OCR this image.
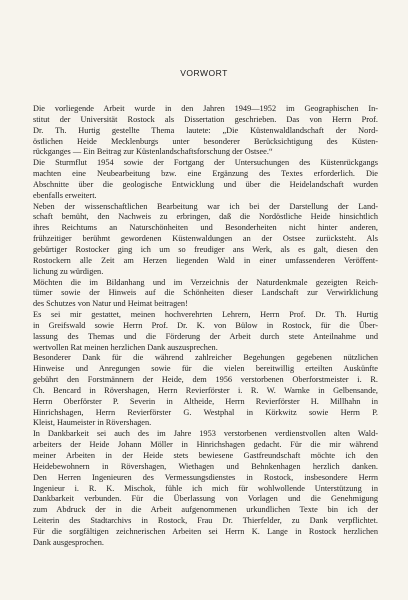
VORWORT
Die vorliegende Arbeit wurde in den Jahren 1949—1952 im Geographischen In-
stitut der Universität Rostock als Dissertation geschrieben. Das von Herrn Prof.
Dr. Th. Hurtig gestellte Thema lautete: „Die Küstenwaldlandschaft der Nord-
östlichen Heide Mecklenburgs unter besonderer Berücksichtigung des Küsten-
rückganges — Ein Beitrag zur Küstenlandschaftsforschung der Ostsee.“
Die Sturmflut 1954 sowie der Fortgang der Untersuchungen des Küstenrückgangs
machten eine Neubearbeitung bzw. eine Ergänzung des Textes erforderlich. Die
Abschnitte über die geologische Entwicklung und über die Heidelandschaft wurden
ebenfalls erweitert.
Neben der wissenschaftlichen Bearbeitung war ich bei der Darstellung der Land-
schaft bemüht, den Nachweis zu erbringen, daß die Nordöstliche Heide hinsichtlich
ihres Reichtums an Naturschönheiten und Besonderheiten nicht hinter anderen,
frühzeitiger berühmt gewordenen Küstenwaldungen an der Ostsee zurücksteht. Als
gebürtiger Rostocker ging ich um so freudiger ans Werk, als es galt, diesen den
Rostockern alle Zeit am Herzen liegenden Wald in einer umfassenderen Veröffent-
lichung zu würdigen.
Möchten die im Bildanhang und im Verzeichnis der Naturdenkmale gezeigten Reich-
tümer sowie der Hinweis auf die Schönheiten dieser Landschaft zur Verwirklichung
des Schutzes von Natur und Heimat beitragen!
Es sei mir gestattet, meinen hochverehrten Lehrern, Herrn Prof. Dr. Th. Hurtig
in Greifswald sowie Herrn Prof. Dr. K. von Bülow in Rostock, für die Über-
lassung des Themas und die Förderung der Arbeit durch stete Anteilnahme und
wertvollen Rat meinen herzlichen Dank auszusprechen.
Besonderer Dank für die während zahlreicher Begehungen gegebenen nützlichen
Hinweise und Anregungen sowie für die vielen bereitwillig erteilten Auskünfte
gebührt den Forstmännern der Heide, dem 1956 verstorbenen Oberforstmeister i. R.
Ch. Bencard in Rövershagen, Herrn Revierförster i. R. W. Warnke in Gelbensande,
Herrn Oberförster P. Severin in Altheide, Herrn Revierförster H. Millhahn in
Hinrichshagen, Herrn Revierförster G. Westphal in Körkwitz sowie Herrn P.
Kleist, Haumeister in Rövershagen.
In Dankbarkeit sei auch des im Jahre 1953 verstorbenen verdienstvollen alten Wald-
arbeiters der Heide Johann Möller in Hinrichshagen gedacht. Für die mir während
meiner Arbeiten in der Heide stets bewiesene Gastfreundschaft möchte ich den
Heidebewohnern in Rövershagen, Wiethagen und Behnkenhagen herzlich danken.
Den Herren Ingenieuren des Vermessungsdienstes in Rostock, insbesondere Herrn
Ingenieur i. R. K. Mischok, fühle ich mich für wohlwollende Unterstützung in
Dankbarkeit verbunden. Für die Überlassung von Vorlagen und die Genehmigung
zum Abdruck der in die Arbeit aufgenommenen urkundlichen Texte bin ich der
Leiterin des Stadtarchivs in Rostock, Frau Dr. Thierfelder, zu Dank verpflichtet.
Für die sorgfältigen zeichnerischen Arbeiten sei Herrn K. Lange in Rostock herzlichen
Dank ausgesprochen.
